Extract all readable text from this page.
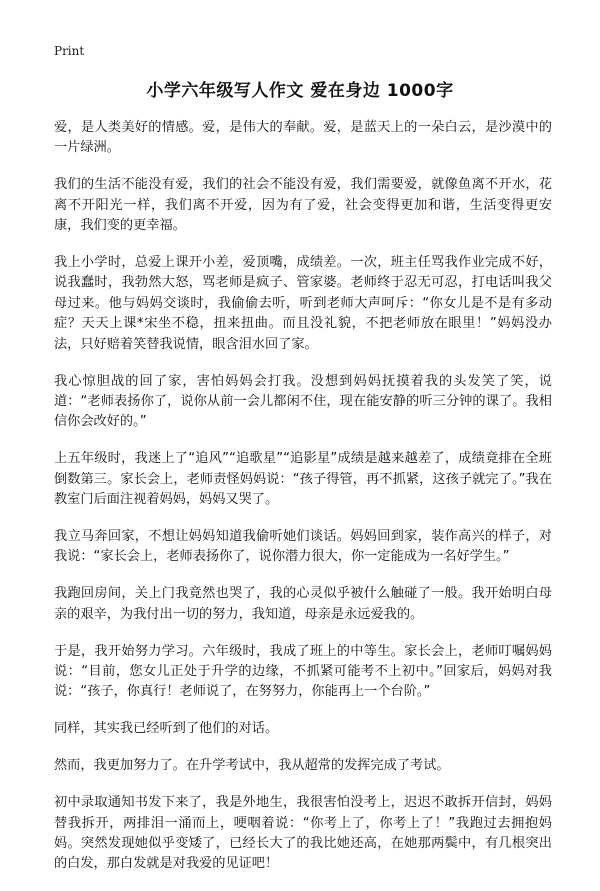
Print
小学六年级写人作文 爱在身边 1000字

爱，是人类美好的情感。爱，是伟大的奉献。爱，是蓝天上的一朵白云，是沙漠中的一片绿洲。

我们的生活不能没有爱，我们的社会不能没有爱，我们需要爱，就像鱼离不开水，花离不开阳光一样，我们离不开爱，因为有了爱，社会变得更加和谐，生活变得更安康，我们变的更幸福。

我上小学时，总爱上课开小差，爱顶嘴，成绩差。一次，班主任骂我作业完成不好，说我蠢时，我勃然大怒，骂老师是疯子、管家婆。老师终于忍无可忍，打电话叫我父母过来。他与妈妈交谈时，我偷偷去听，听到老师大声呵斥：“你女儿是不是有多动症？天天上课*宋坐不稳，扭来扭曲。而且没礼貌，不把老师放在眼里！”妈妈没办法，只好赔着笑替我说情，眼含泪水回了家。

我心惊胆战的回了家，害怕妈妈会打我。没想到妈妈抚摸着我的头发笑了笑，说道：“老师表扬你了，说你从前一会儿都闲不住，现在能安静的听三分钟的课了。我相信你会改好的。”

上五年级时，我迷上了“追风”“追歌星”“追影星”成绩是越来越差了，成绩竟排在全班倒数第三。家长会上，老师责怪妈妈说：“孩子得管，再不抓紧，这孩子就完了。”我在教室门后面注视着妈妈，妈妈又哭了。

我立马奔回家，不想让妈妈知道我偷听她们谈话。妈妈回到家，装作高兴的样子，对我说：“家长会上，老师表扬你了，说你潜力很大，你一定能成为一名好学生。”

我跑回房间，关上门我竟然也哭了，我的心灵似乎被什么触碰了一般。我开始明白母亲的艰辛，为我付出一切的努力，我知道，母亲是永远爱我的。

于是，我开始努力学习。六年级时，我成了班上的中等生。家长会上，老师叮嘱妈妈说：“目前，您女儿正处于升学的边缘，不抓紧可能考不上初中。”回家后，妈妈对我说：“孩子，你真行！老师说了，在努努力，你能再上一个台阶。”

同样，其实我已经听到了他们的对话。

然而，我更加努力了。在升学考试中，我从超常的发挥完成了考试。

初中录取通知书发下来了，我是外地生，我很害怕没考上，迟迟不敢拆开信封，妈妈替我拆开，两排泪一涌而上，哽咽着说：“你考上了，你考上了！”我跑过去拥抱妈妈。突然发现她似乎变矮了，已经长大了的我比她还高，在她那两鬓中，有几根突出的白发，那白发就是对我爱的见证吧！
